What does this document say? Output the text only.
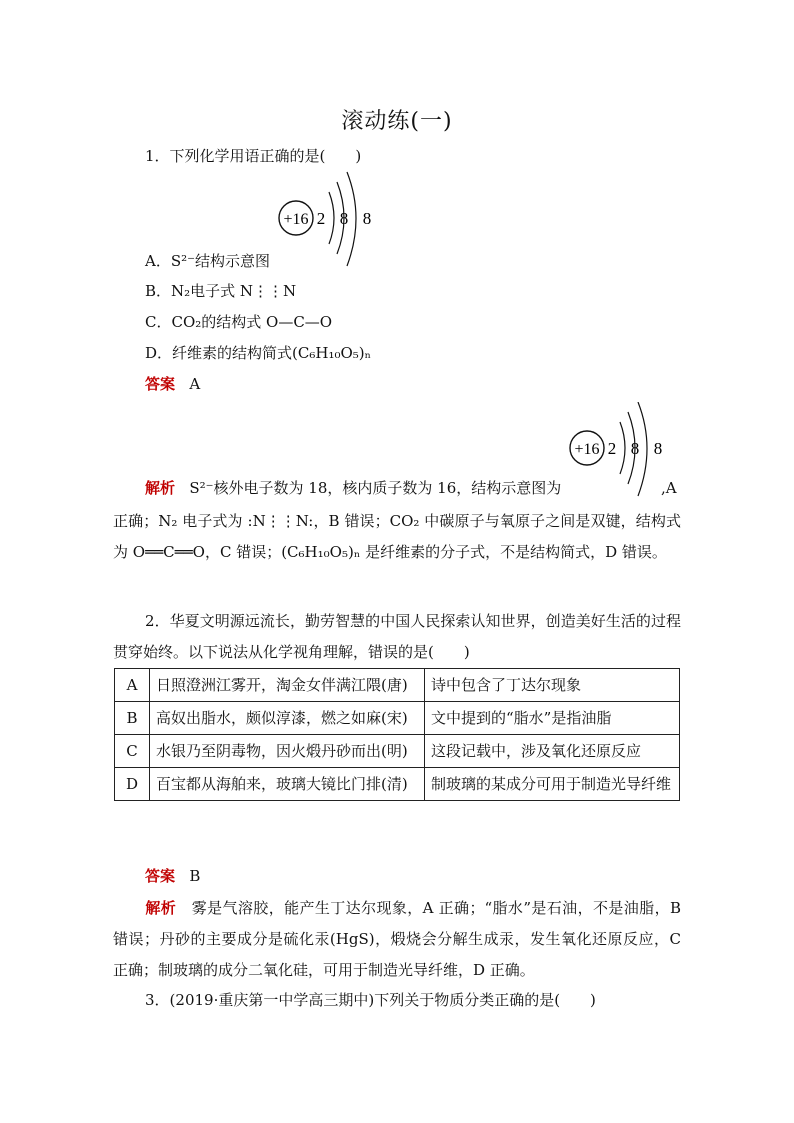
滚动练(一)
1．下列化学用语正确的是(　　)
+16 2 8 8
A．S²⁻结构示意图
B．N₂电子式 N⋮⋮N
C．CO₂的结构式 O—C—O
D．纤维素的结构简式(C₆H₁₀O₅)ₙ
答案 A
+16 2 8 8
解析 S²⁻核外电子数为 18，核内质子数为 16，结构示意图为	,A
正确；N₂ 电子式为 :N⋮⋮N:，B 错误；CO₂ 中碳原子与氧原子之间是双键，结构式为 O══C══O，C 错误；(C₆H₁₀O₅)ₙ 是纤维素的分子式，不是结构简式，D 错误。
2．华夏文明源远流长，勤劳智慧的中国人民探索认知世界，创造美好生活的过程贯穿始终。以下说法从化学视角理解，错误的是(　　)
A	日照澄洲江雾开，淘金女伴满江隈(唐)	诗中包含了丁达尔现象
B	高奴出脂水，颇似淳漆，燃之如麻(宋)	文中提到的“脂水”是指油脂
C	水银乃至阴毒物，因火煅丹砂而出(明)	这段记载中，涉及氧化还原反应
D	百宝都从海舶来，玻璃大镜比门排(清)	制玻璃的某成分可用于制造光导纤维
答案 B
解析 雾是气溶胶，能产生丁达尔现象，A 正确；“脂水”是石油，不是油脂，B 错误；丹砂的主要成分是硫化汞(HgS)，煅烧会分解生成汞，发生氧化还原反应，C 正确；制玻璃的成分二氧化硅，可用于制造光导纤维，D 正确。
3．(2019·重庆第一中学高三期中)下列关于物质分类正确的是(　　)
